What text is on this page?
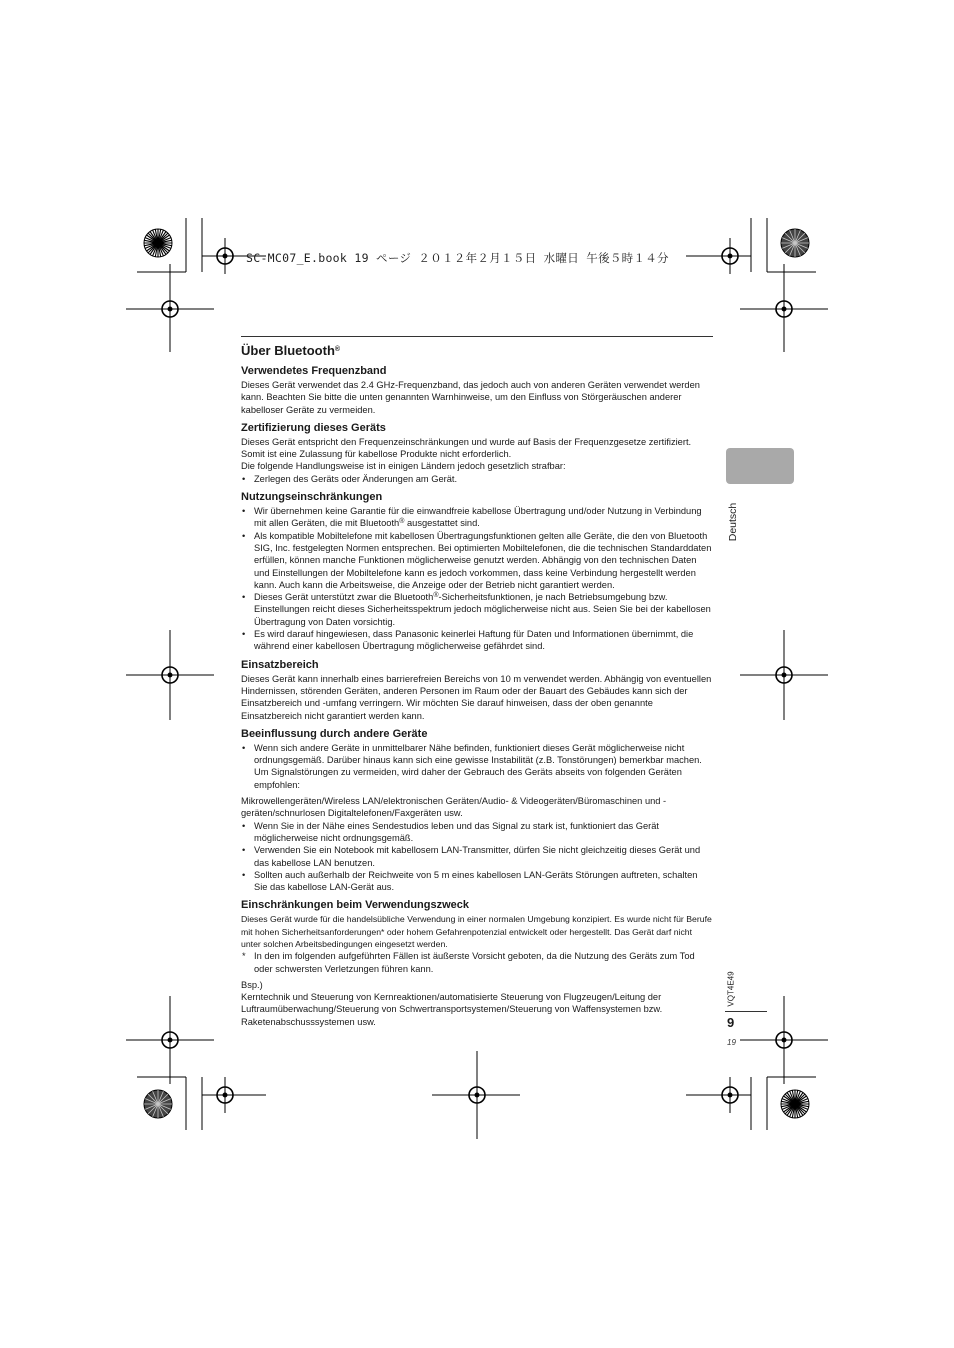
SC-MC07_E.book 19 ページ ２０１２年２月１５日 水曜日 午後５時１４分
Über Bluetooth®
Verwendetes Frequenzband

Dieses Gerät verwendet das 2.4 GHz-Frequenzband, das jedoch auch von anderen Geräten verwendet werden kann. Beachten Sie bitte die unten genannten Warnhinweise, um den Einfluss von Störgeräuschen anderer kabelloser Geräte zu vermeiden.

Zertifizierung dieses Geräts

Dieses Gerät entspricht den Frequenzeinschränkungen und wurde auf Basis der Frequenzgesetze zertifiziert. Somit ist eine Zulassung für kabellose Produkte nicht erforderlich.

Die folgende Handlungsweise ist in einigen Ländern jedoch gesetzlich strafbar:

• Zerlegen des Geräts oder Änderungen am Gerät.
Nutzungseinschränkungen
• Wir übernehmen keine Garantie für die einwandfreie kabellose Übertragung und/oder Nutzung in Verbindung mit allen Geräten, die mit Bluetooth® ausgestattet sind.
• Als kompatible Mobiltelefone mit kabellosen Übertragungsfunktionen gelten alle Geräte, die den von Bluetooth SIG, Inc. festgelegten Normen entsprechen. Bei optimierten Mobiltelefonen, die die technischen Standarddaten erfüllen, können manche Funktionen möglicherweise genutzt werden. Abhängig von den technischen Daten und Einstellungen der Mobiltelefone kann es jedoch vorkommen, dass keine Verbindung hergestellt werden kann. Auch kann die Arbeitsweise, die Anzeige oder der Betrieb nicht garantiert werden.
• Dieses Gerät unterstützt zwar die Bluetooth®-Sicherheitsfunktionen, je nach Betriebsumgebung bzw. Einstellungen reicht dieses Sicherheitsspektrum jedoch möglicherweise nicht aus. Seien Sie bei der kabellosen Übertragung von Daten vorsichtig.
• Es wird darauf hingewiesen, dass Panasonic keinerlei Haftung für Daten und Informationen übernimmt, die während einer kabellosen Übertragung möglicherweise gefährdet sind.
Einsatzbereich

Dieses Gerät kann innerhalb eines barrierefreien Bereichs von 10 m verwendet werden. Abhängig von eventuellen Hindernissen, störenden Geräten, anderen Personen im Raum oder der Bauart des Gebäudes kann sich der Einsatzbereich und -umfang verringern. Wir möchten Sie darauf hinweisen, dass der oben genannte Einsatzbereich nicht garantiert werden kann.

Beeinflussung durch andere Geräte
• Wenn sich andere Geräte in unmittelbarer Nähe befinden, funktioniert dieses Gerät möglicherweise nicht ordnungsgemäß. Darüber hinaus kann sich eine gewisse Instabilität (z.B. Tonstörungen) bemerkbar machen. Um Signalstörungen zu vermeiden, wird daher der Gebrauch des Geräts abseits von folgenden Geräten empfohlen:

Mikrowellengeräten/Wireless LAN/elektronischen Geräten/Audio- & Videogeräten/Büromaschinen und -geräten/schnurlosen Digitaltelefonen/Faxgeräten usw.

• Wenn Sie in der Nähe eines Sendestudios leben und das Signal zu stark ist, funktioniert das Gerät möglicherweise nicht ordnungsgemäß.
• Verwenden Sie ein Notebook mit kabellosem LAN-Transmitter, dürfen Sie nicht gleichzeitig dieses Gerät und das kabellose LAN benutzen.
• Sollten auch außerhalb der Reichweite von 5 m eines kabellosen LAN-Geräts Störungen auftreten, schalten Sie das kabellose LAN-Gerät aus.
Einschränkungen beim Verwendungszweck

Dieses Gerät wurde für die handelsübliche Verwendung in einer normalen Umgebung konzipiert. Es wurde nicht für Berufe mit hohen Sicherheitsanforderungen* oder hohem Gefahrenpotenzial entwickelt oder hergestellt. Das Gerät darf nicht unter solchen Arbeitsbedingungen eingesetzt werden.

* In den im folgenden aufgeführten Fällen ist äußerste Vorsicht geboten, da die Nutzung des Geräts zum Tod oder schwersten Verletzungen führen kann.

Bsp.)

Kerntechnik und Steuerung von Kernreaktionen/automatisierte Steuerung von Flugzeugen/Leitung der Luftraumüberwachung/Steuerung von Schwertransportsystemen/Steuerung von Waffensystemen bzw. Raketenabschusssystemen usw.

Deutsch
VQT4E49
9
19
